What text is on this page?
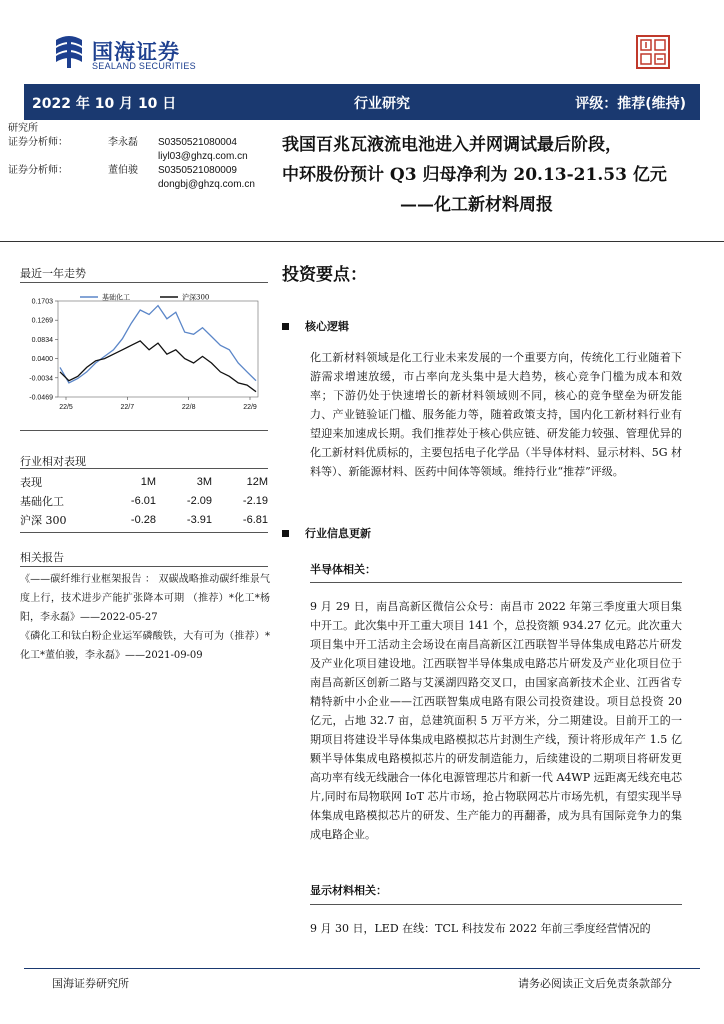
国海证券
SEALAND SECURITIES
2022 年 10 月 10 日	行业研究	评级：推荐(维持)
研究所
证券分析师：	李永磊 S0350521080004
liyl03@ghzq.com.cn
证券分析师：	董伯骏 S0350521080009
dongbj@ghzq.com.cn
我国百兆瓦液流电池进入并网调试最后阶段，
中环股份预计 Q3 归母净利为 20.13-21.53 亿元
——化工新材料周报
最近一年走势
基础化工	沪深300
0.1703
0.1269
0.0834
0.0400
-0.0034
-0.0469
22/5	22/7	22/8	22/9
行业相对表现
表现	1M	3M	12M
基础化工	-6.01	-2.09	-2.19
沪深 300	-0.28	-3.91	-6.81
相关报告

《——碳纤维行业框架报告 ： 双碳战略推动碳纤维景气度上行，技术进步产能扩张降本可期 （推荐）*化工*杨阳，李永磊》——2022-05-27

《磷化工和钛白粉企业运军磷酸铁，大有可为（推荐）*化工*董伯骏，李永磊》——2021-09-09

投资要点：
核心逻辑
化工新材料领域是化工行业未来发展的一个重要方向，传统化工行业随着下游需求增速放缓，市占率向龙头集中是大趋势，核心竞争门槛为成本和效率；下游仍处于快速增长的新材料领域则不同，核心的竞争壁垒为研发能力、产业链验证门槛、服务能力等，随着政策支持，国内化工新材料行业有望迎来加速成长期。我们推荐处于核心供应链、研发能力较强、管理优异的化工新材料优质标的，主要包括电子化学品（半导体材料、显示材料、5G 材料等）、新能源材料、医药中间体等领域。维持行业“推荐”评级。
行业信息更新
半导体相关：
9 月 29 日，南昌高新区微信公众号：南昌市 2022 年第三季度重大项目集中开工。此次集中开工重大项目 141 个，总投资额 934.27 亿元。此次重大项目集中开工活动主会场设在南昌高新区江西联智半导体集成电路芯片研发及产业化项目建设地。江西联智半导体集成电路芯片研发及产业化项目位于南昌高新区创新二路与艾溪湖四路交叉口，由国家高新技术企业、江西省专精特新中小企业——江西联智集成电路有限公司投资建设。项目总投资 20 亿元，占地 32.7 亩，总建筑面积 5 万平方米，分二期建设。目前开工的一期项目将建设半导体集成电路模拟芯片封测生产线，预计将形成年产 1.5 亿颗半导体集成电路模拟芯片的研发制造能力，后续建设的二期项目将研发更高功率有线无线融合一体化电源管理芯片和新一代 A4WP 远距离无线充电芯片,同时布局物联网 IoT 芯片市场，抢占物联网芯片市场先机，有望实现半导体集成电路模拟芯片的研发、生产能力的再翻番，成为具有国际竞争力的集成电路企业。
显示材料相关：
9 月 30 日，LED 在线：TCL 科技发布 2022 年前三季度经营情况的
国海证券研究所	请务必阅读正文后免责条款部分
